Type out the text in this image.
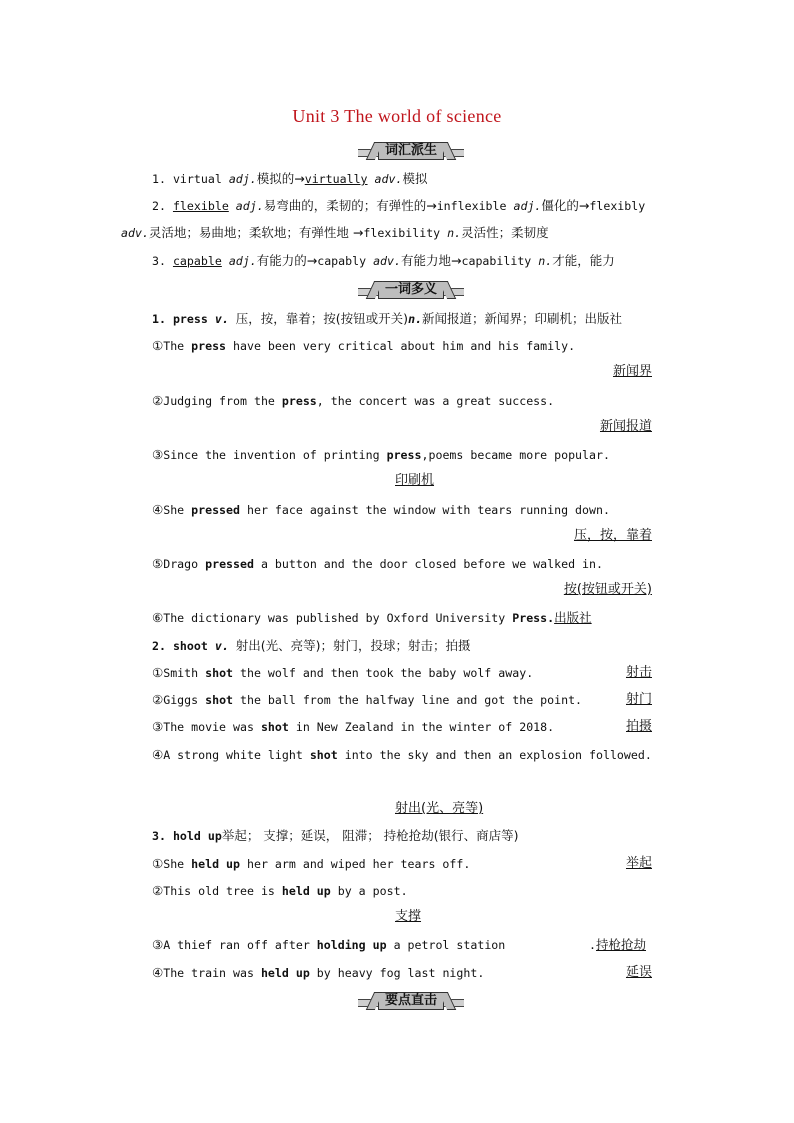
Unit 3 The world of science
词汇派生
1. virtual adj.模拟的→virtually adv.模拟
2. flexible adj.易弯曲的，柔韧的；有弹性的→inflexible adj.僵化的→flexibly
adv.灵活地；易曲地；柔软地；有弹性地 →flexibility n.灵活性；柔韧度
3. capable adj.有能力的→capably adv.有能力地→capability n.才能，能力
一词多义
1. press v. 压，按，靠着；按(按钮或开关)n.新闻报道；新闻界；印刷机；出版社
①The press have been very critical about him and his family.
新闻界
②Judging from the press, the concert was a great success.
新闻报道
③Since the invention of printing press,poems became more popular.
印刷机
④She pressed her face against the window with tears running down.
压，按，靠着
⑤Drago pressed a button and the door closed before we walked in.
按(按钮或开关)
⑥The dictionary was published by Oxford University Press.出版社
2. shoot v. 射出(光、亮等)；射门，投球；射击；拍摄
①Smith shot the wolf and then took the baby wolf away.	射击
②Giggs shot the ball from the halfway line and got the point.	射门
③The movie was shot in New Zealand in the winter of 2018.	拍摄
④A strong white light shot into the sky and then an explosion followed.
射出(光、亮等)
3. hold up举起； 支撑；延误， 阻滞； 持枪抢劫(银行、商店等)
①She held up her arm and wiped her tears off.	举起
②This old tree is held up by a post.
支撑
③A thief ran off after holding up a petrol station	.持枪抢劫
④The train was held up by heavy fog last night.	延误
要点直击
